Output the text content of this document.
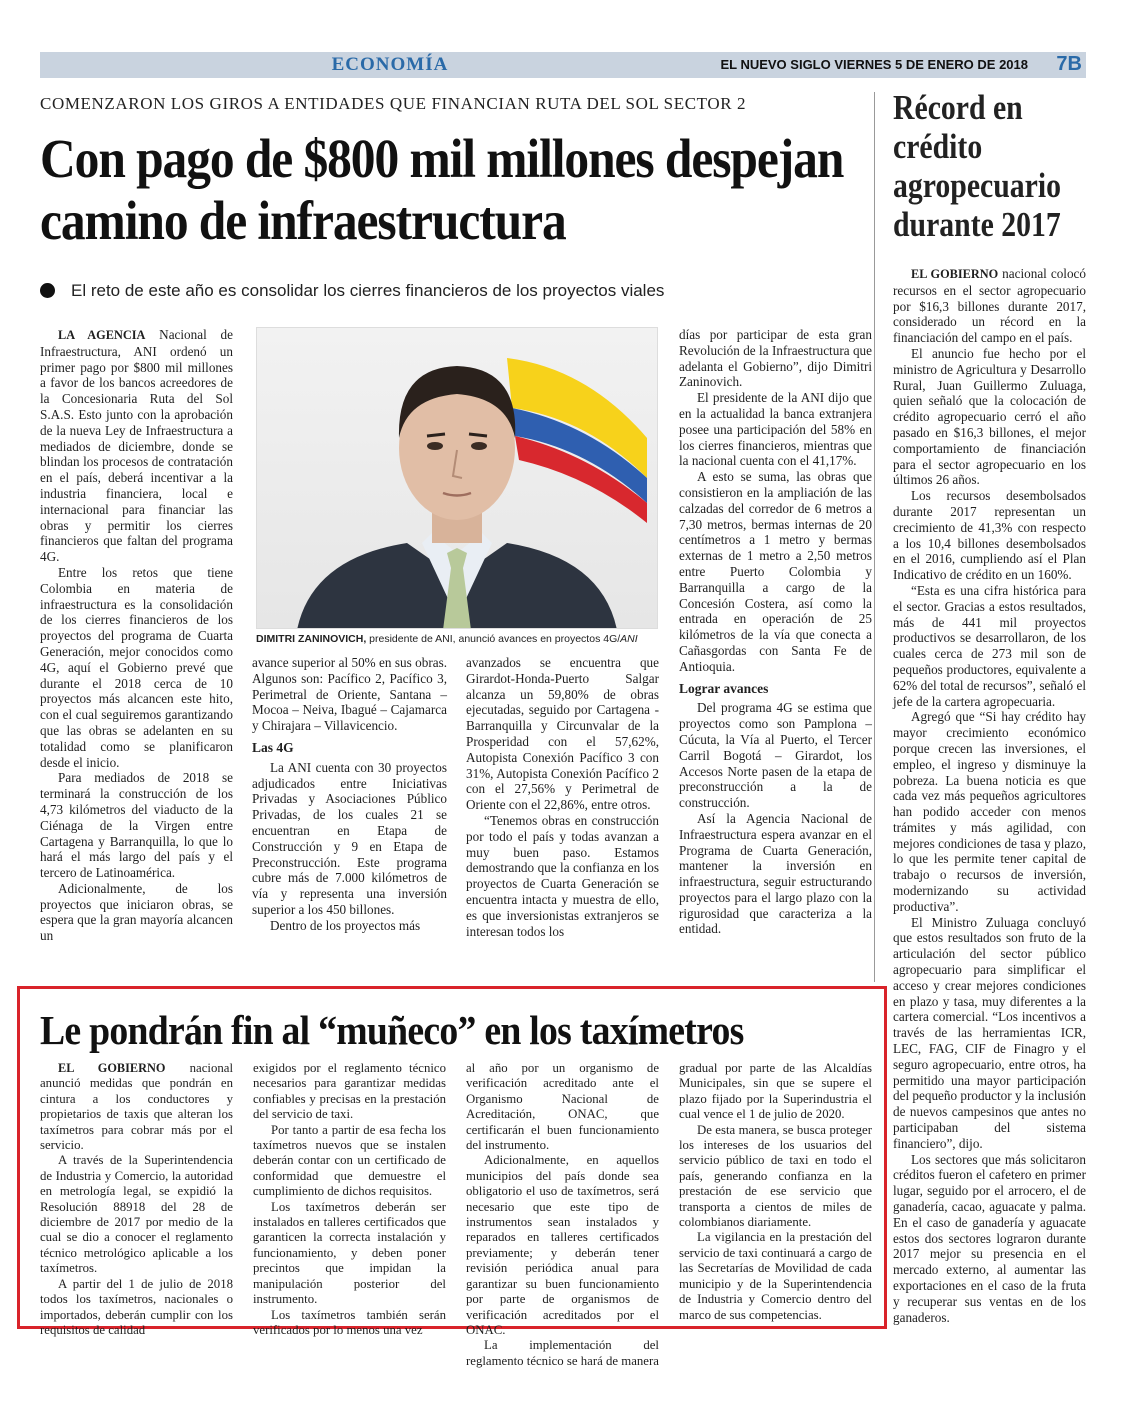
ECONOMÍA	EL NUEVO SIGLO VIERNES 5 DE ENERO DE 2018 7B
COMENZARON LOS GIROS A ENTIDADES QUE FINANCIAN RUTA DEL SOL SECTOR 2
Con pago de $800 mil millones despejan camino de infraestructura
El reto de este año es consolidar los cierres financieros de los proyectos viales

LA AGENCIA Nacional de Infraestructura, ANI ordenó un primer pago por $800 mil millones a favor de los bancos acreedores de la Concesionaria Ruta del Sol S.A.S. Esto junto con la aprobación de la nueva Ley de Infraestructura a mediados de diciembre, donde se blindan los procesos de contratación en el país, deberá incentivar a la industria financiera, local e internacional para financiar las obras y permitir los cierres financieros que faltan del programa 4G.

Entre los retos que tiene Colombia en materia de infraestructura es la consolidación de los cierres financieros de los proyectos del programa de Cuarta Generación, mejor conocidos como 4G, aquí el Gobierno prevé que durante el 2018 cerca de 10 proyectos más alcancen este hito, con el cual seguiremos garantizando que las obras se adelanten en su totalidad como se planificaron desde el inicio.

Para mediados de 2018 se terminará la construcción de los 4,73 kilómetros del viaducto de la Ciénaga de la Virgen entre Cartagena y Barranquilla, lo que lo hará el más largo del país y el tercero de Latinoamérica.

Adicionalmente, de los proyectos que iniciaron obras, se espera que la gran mayoría alcancen un

DIMITRI ZANINOVICH, presidente de ANI, anunció avances en proyectos 4G/ANI

avance superior al 50% en sus obras. Algunos son: Pacífico 2, Pacífico 3, Perimetral de Oriente, Santana – Mocoa – Neiva, Ibagué – Cajamarca y Chirajara – Villavicencio.

Las 4G

La ANI cuenta con 30 proyectos adjudicados entre Iniciativas Privadas y Asociaciones Público Privadas, de los cuales 21 se encuentran en Etapa de Construcción y 9 en Etapa de Preconstrucción. Este programa cubre más de 7.000 kilómetros de vía y representa una inversión superior a los 450 billones.

Dentro de los proyectos más

avanzados se encuentra que Girardot-Honda-Puerto Salgar alcanza un 59,80% de obras ejecutadas, seguido por Cartagena - Barranquilla y Circunvalar de la Prosperidad con el 57,62%, Autopista Conexión Pacífico 3 con 31%, Autopista Conexión Pacífico 2 con el 27,56% y Perimetral de Oriente con el 22,86%, entre otros.

“Tenemos obras en construcción por todo el país y todas avanzan a muy buen paso. Estamos demostrando que la confianza en los proyectos de Cuarta Generación se encuentra intacta y muestra de ello, es que inversionistas extranjeros se interesan todos los

días por participar de esta gran Revolución de la Infraestructura que adelanta el Gobierno”, dijo Dimitri Zaninovich.

El presidente de la ANI dijo que en la actualidad la banca extranjera posee una participación del 58% en los cierres financieros, mientras que la nacional cuenta con el 41,17%.

A esto se suma, las obras que consistieron en la ampliación de las calzadas del corredor de 6 metros a 7,30 metros, bermas internas de 20 centímetros a 1 metro y bermas externas de 1 metro a 2,50 metros entre Puerto Colombia y Barranquilla a cargo de la Concesión Costera, así como la entrada en operación de 25 kilómetros de la vía que conecta a Cañasgordas con Santa Fe de Antioquia.

Lograr avances

Del programa 4G se estima que proyectos como son Pamplona – Cúcuta, la Vía al Puerto, el Tercer Carril Bogotá – Girardot, los Accesos Norte pasen de la etapa de preconstrucción a la de construcción.

Así la Agencia Nacional de Infraestructura espera avanzar en el Programa de Cuarta Generación, mantener la inversión en infraestructura, seguir estructurando proyectos para el largo plazo con la rigurosidad que caracteriza a la entidad.

Récord en crédito agropecuario durante 2017

EL GOBIERNO nacional colocó recursos en el sector agropecuario por $16,3 billones durante 2017, considerado un récord en la financiación del campo en el país.

El anuncio fue hecho por el ministro de Agricultura y Desarrollo Rural, Juan Guillermo Zuluaga, quien señaló que la colocación de crédito agropecuario cerró el año pasado en $16,3 billones, el mejor comportamiento de financiación para el sector agropecuario en los últimos 26 años.

Los recursos desembolsados durante 2017 representan un crecimiento de 41,3% con respecto a los 10,4 billones desembolsados en el 2016, cumpliendo así el Plan Indicativo de crédito en un 160%.

“Esta es una cifra histórica para el sector. Gracias a estos resultados, más de 441 mil proyectos productivos se desarrollaron, de los cuales cerca de 273 mil son de pequeños productores, equivalente a 62% del total de recursos”, señaló el jefe de la cartera agropecuaria.

Agregó que “Si hay crédito hay mayor crecimiento económico porque crecen las inversiones, el empleo, el ingreso y disminuye la pobreza. La buena noticia es que cada vez más pequeños agricultores han podido acceder con menos trámites y más agilidad, con mejores condiciones de tasa y plazo, lo que les permite tener capital de trabajo o recursos de inversión, modernizando su actividad productiva”.

El Ministro Zuluaga concluyó que estos resultados son fruto de la articulación del sector público agropecuario para simplificar el acceso y crear mejores condiciones en plazo y tasa, muy diferentes a la cartera comercial. “Los incentivos a través de las herramientas ICR, LEC, FAG, CIF de Finagro y el seguro agropecuario, entre otros, ha permitido una mayor participación del pequeño productor y la inclusión de nuevos campesinos que antes no participaban del sistema financiero”, dijo.

Los sectores que más solicitaron créditos fueron el cafetero en primer lugar, seguido por el arrocero, el de ganadería, cacao, aguacate y palma. En el caso de ganadería y aguacate estos dos sectores lograron durante 2017 mejor su presencia en el mercado externo, al aumentar las exportaciones en el caso de la fruta y recuperar sus ventas en de los ganaderos.

Le pondrán fin al “muñeco” en los taxímetros

EL GOBIERNO nacional anunció medidas que pondrán en cintura a los conductores y propietarios de taxis que alteran los taxímetros para cobrar más por el servicio.

A través de la Superintendencia de Industria y Comercio, la autoridad en metrología legal, se expidió la Resolución 88918 del 28 de diciembre de 2017 por medio de la cual se dio a conocer el reglamento técnico metrológico aplicable a los taxímetros.

A partir del 1 de julio de 2018 todos los taxímetros, nacionales o importados, deberán cumplir con los requisitos de calidad

exigidos por el reglamento técnico necesarios para garantizar medidas confiables y precisas en la prestación del servicio de taxi.

Por tanto a partir de esa fecha los taxímetros nuevos que se instalen deberán contar con un certificado de conformidad que demuestre el cumplimiento de dichos requisitos.

Los taxímetros deberán ser instalados en talleres certificados que garanticen la correcta instalación y funcionamiento, y deben poner precintos que impidan la manipulación posterior del instrumento.

Los taxímetros también serán verificados por lo menos una vez

al año por un organismo de verificación acreditado ante el Organismo Nacional de Acreditación, ONAC, que certificarán el buen funcionamiento del instrumento.

Adicionalmente, en aquellos municipios del país donde sea obligatorio el uso de taxímetros, será necesario que este tipo de instrumentos sean instalados y reparados en talleres certificados previamente; y deberán tener revisión periódica anual para garantizar su buen funcionamiento por parte de organismos de verificación acreditados por el ONAC.

La implementación del reglamento técnico se hará de manera

gradual por parte de las Alcaldías Municipales, sin que se supere el plazo fijado por la Superindustria el cual vence el 1 de julio de 2020.

De esta manera, se busca proteger los intereses de los usuarios del servicio público de taxi en todo el país, generando confianza en la prestación de ese servicio que transporta a cientos de miles de colombianos diariamente.

La vigilancia en la prestación del servicio de taxi continuará a cargo de las Secretarías de Movilidad de cada municipio y de la Superintendencia de Industria y Comercio dentro del marco de sus competencias.
